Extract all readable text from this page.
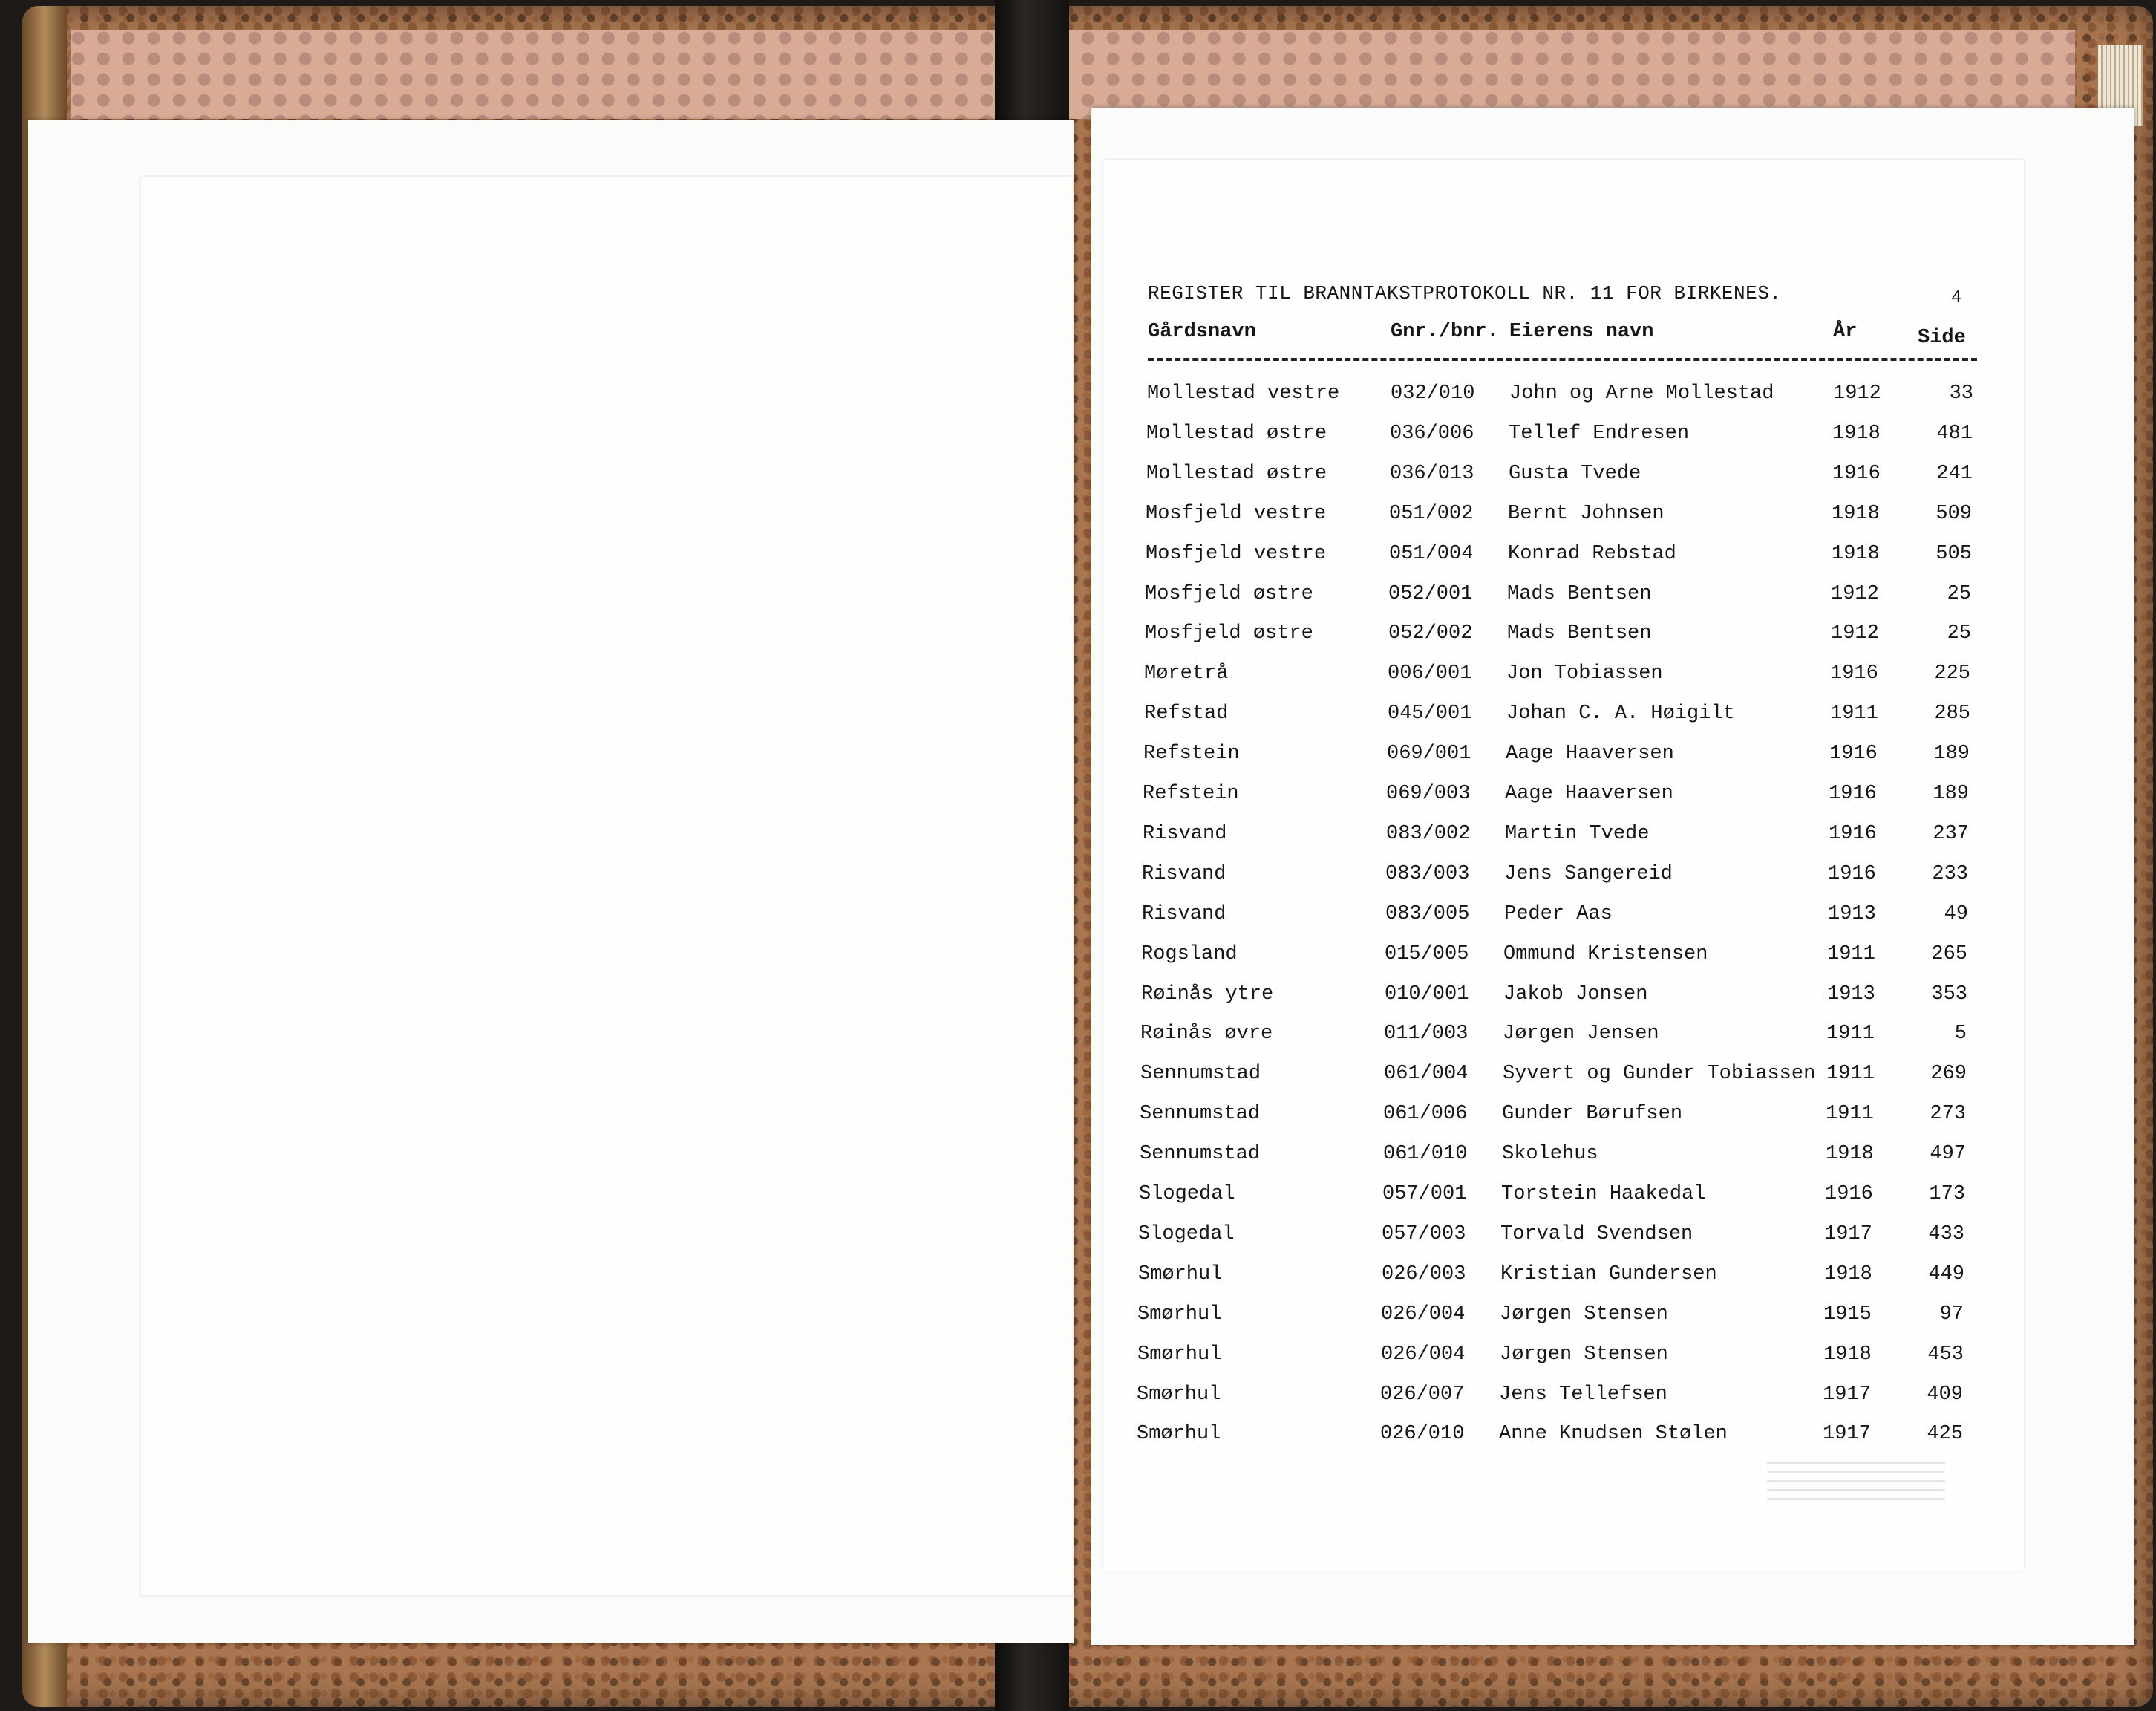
REGISTER TIL BRANNTAKSTPROTOKOLL NR. 11 FOR BIRKENES.	4
Gårdsnavn	Gnr./bnr. Eierens navn	År	Side
Mollestad vestre	032/010 John og Arne Mollestad	1912	33
Mollestad østre	036/006 Tellef Endresen	1918	481
Mollestad østre	036/013 Gusta Tvede	1916	241
Mosfjeld vestre	051/002 Bernt Johnsen	1918	509
Mosfjeld vestre	051/004 Konrad Rebstad	1918	505
Mosfjeld østre	052/001 Mads Bentsen	1912	25
Mosfjeld østre	052/002 Mads Bentsen	1912	25
Møretrå	006/001 Jon Tobiassen	1916	225
Refstad	045/001 Johan C. A. Høigilt	1911	285
Refstein	069/001 Aage Haaversen	1916	189
Refstein	069/003 Aage Haaversen	1916	189
Risvand	083/002 Martin Tvede	1916	237
Risvand	083/003 Jens Sangereid	1916	233
Risvand	083/005 Peder Aas	1913	49
Rogsland	015/005 Ommund Kristensen	1911	265
Røinås ytre	010/001 Jakob Jonsen	1913	353
Røinås øvre	011/003 Jørgen Jensen	1911	5
Sennumstad	061/004 Syvert og Gunder Tobiassen 1911	269
Sennumstad	061/006 Gunder Børufsen	1911	273
Sennumstad	061/010 Skolehus	1918	497
Slogedal	057/001 Torstein Haakedal	1916	173
Slogedal	057/003 Torvald Svendsen	1917	433
Smørhul	026/003 Kristian Gundersen	1918	449
Smørhul	026/004 Jørgen Stensen	1915	97
Smørhul	026/004 Jørgen Stensen	1918	453
Smørhul	026/007 Jens Tellefsen	1917	409
Smørhul	026/010 Anne Knudsen Stølen	1917	425
